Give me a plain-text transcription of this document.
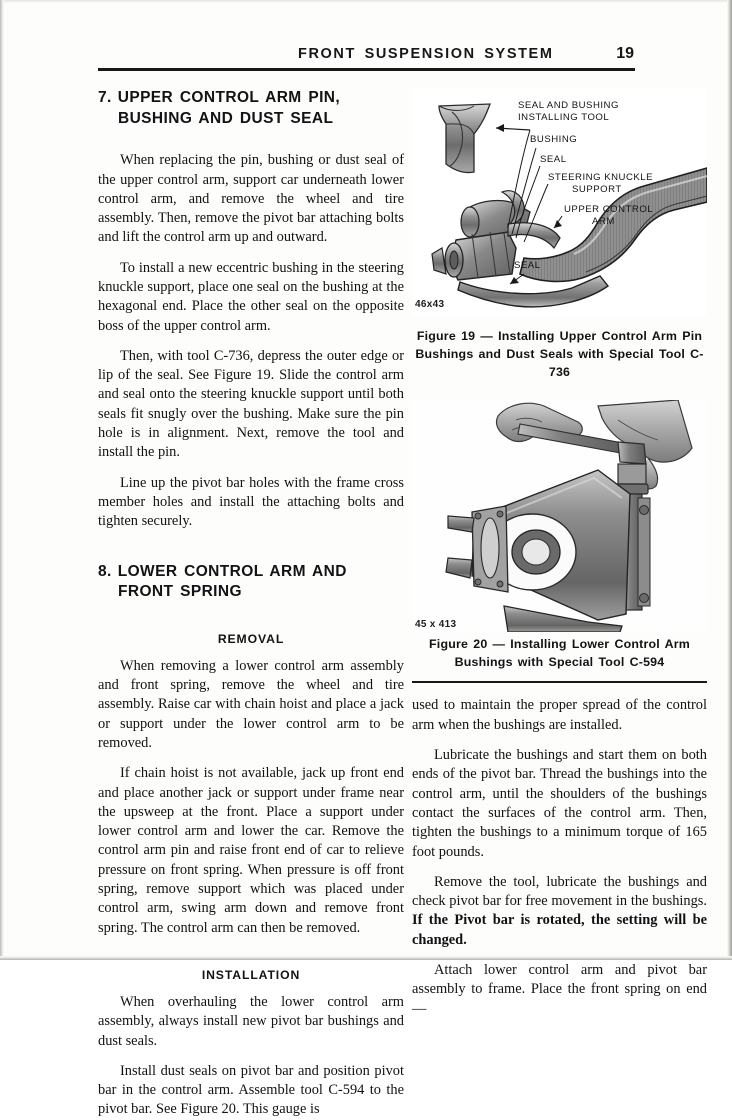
FRONT SUSPENSION SYSTEM	19
7. UPPER CONTROL ARM PIN,
BUSHING AND DUST SEAL

When replacing the pin, bushing or dust seal of the upper control arm, support car underneath lower control arm, and remove the wheel and tire assembly. Then, remove the pivot bar attaching bolts and lift the control arm up and outward.

To install a new eccentric bushing in the steering knuckle support, place one seal on the bushing at the hexagonal end. Place the other seal on the opposite boss of the upper control arm.

Then, with tool C-736, depress the outer edge or lip of the seal. See Figure 19. Slide the control arm and seal onto the steering knuckle support until both seals fit snugly over the bushing. Make sure the pin hole is in alignment. Next, remove the tool and install the pin.

Line up the pivot bar holes with the frame cross member holes and install the attaching bolts and tighten securely.

8. LOWER CONTROL ARM AND
FRONT SPRING
REMOVAL

When removing a lower control arm assembly and front spring, remove the wheel and tire assembly. Raise car with chain hoist and place a jack or support under the lower control arm to be removed.

If chain hoist is not available, jack up front end and place another jack or support under frame near the upsweep at the front. Place a support under lower control arm and lower the car. Remove the control arm pin and raise front end of car to relieve pressure on front spring. When pressure is off front spring, remove support which was placed under control arm, swing arm down and remove front spring. The control arm can then be removed.

INSTALLATION

When overhauling the lower control arm assembly, always install new pivot bar bushings and dust seals.

Install dust seals on pivot bar and position pivot bar in the control arm. Assemble tool C-594 to the pivot bar. See Figure 20. This gauge is

SEAL AND BUSHING
INSTALLING TOOL
BUSHING
SEAL
STEERING KNUCKLE
SUPPORT
UPPER CONTROL
ARM
SEAL
46x43
Figure 19 — Installing Upper Control Arm Pin
Bushings and Dust Seals with Special Tool C-736
45 x 413
Figure 20 — Installing Lower Control Arm
Bushings with Special Tool C-594

used to maintain the proper spread of the control arm when the bushings are installed.

Lubricate the bushings and start them on both ends of the pivot bar. Thread the bushings into the control arm, until the shoulders of the bushings contact the surfaces of the control arm. Then, tighten the bushings to a minimum torque of 165 foot pounds.

Remove the tool, lubricate the bushings and check pivot bar for free movement in the bushings. If the Pivot bar is rotated, the setting will be changed.

Attach lower control arm and pivot bar assembly to frame. Place the front spring on end —
